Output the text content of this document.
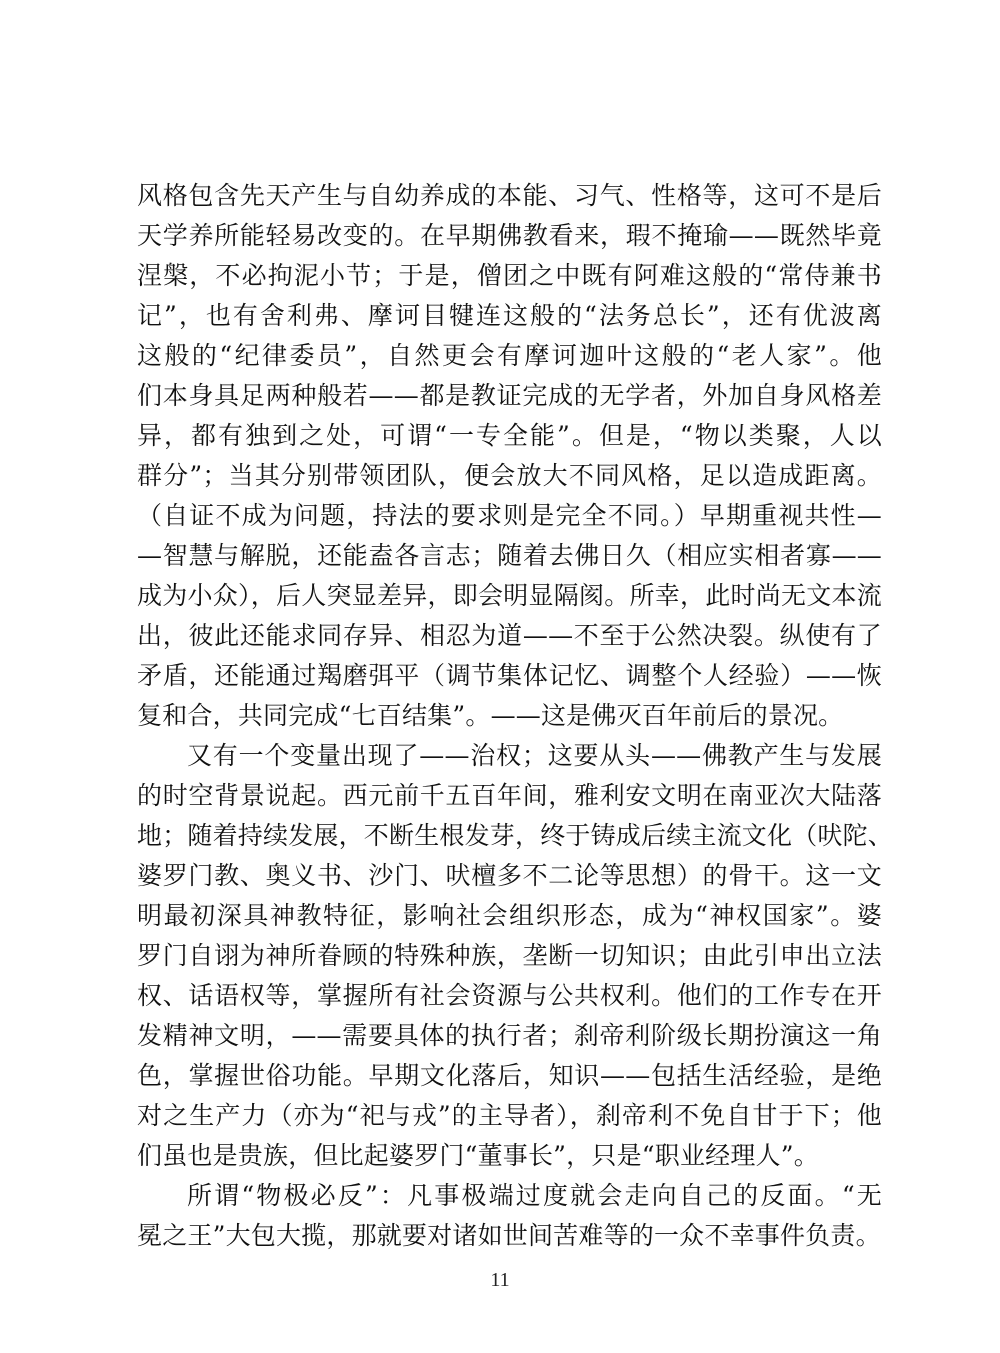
风格包含先天产生与自幼养成的本能、习气、性格等，这可不是后
天学养所能轻易改变的。在早期佛教看来，瑕不掩瑜——既然毕竟
涅槃，不必拘泥小节；于是，僧团之中既有阿难这般的“常侍兼书
记”，也有舍利弗、摩诃目犍连这般的“法务总长”，还有优波离
这般的“纪律委员”，自然更会有摩诃迦叶这般的“老人家”。他
们本身具足两种般若——都是教证完成的无学者，外加自身风格差
异，都有独到之处，可谓“一专全能”。但是，“物以类聚，人以
群分”；当其分别带领团队，便会放大不同风格，足以造成距离。
（自证不成为问题，持法的要求则是完全不同。）早期重视共性—
—智慧与解脱，还能盍各言志；随着去佛日久（相应实相者寡——
成为小众），后人突显差异，即会明显隔阂。所幸，此时尚无文本流
出，彼此还能求同存异、相忍为道——不至于公然决裂。纵使有了
矛盾，还能通过羯磨弭平（调节集体记忆、调整个人经验）——恢
复和合，共同完成“七百结集”。——这是佛灭百年前后的景况。
又有一个变量出现了——治权；这要从头——佛教产生与发展
的时空背景说起。西元前千五百年间，雅利安文明在南亚次大陆落
地；随着持续发展，不断生根发芽，终于铸成后续主流文化（吠陀、
婆罗门教、奥义书、沙门、吠檀多不二论等思想）的骨干。这一文
明最初深具神教特征，影响社会组织形态，成为“神权国家”。婆
罗门自诩为神所眷顾的特殊种族，垄断一切知识；由此引申出立法
权、话语权等，掌握所有社会资源与公共权利。他们的工作专在开
发精神文明，——需要具体的执行者；刹帝利阶级长期扮演这一角
色，掌握世俗功能。早期文化落后，知识——包括生活经验，是绝
对之生产力（亦为“祀与戎”的主导者），刹帝利不免自甘于下；他
们虽也是贵族，但比起婆罗门“董事长”，只是“职业经理人”。
所谓“物极必反”：凡事极端过度就会走向自己的反面。“无
冕之王”大包大揽，那就要对诸如世间苦难等的一众不幸事件负责。
11
